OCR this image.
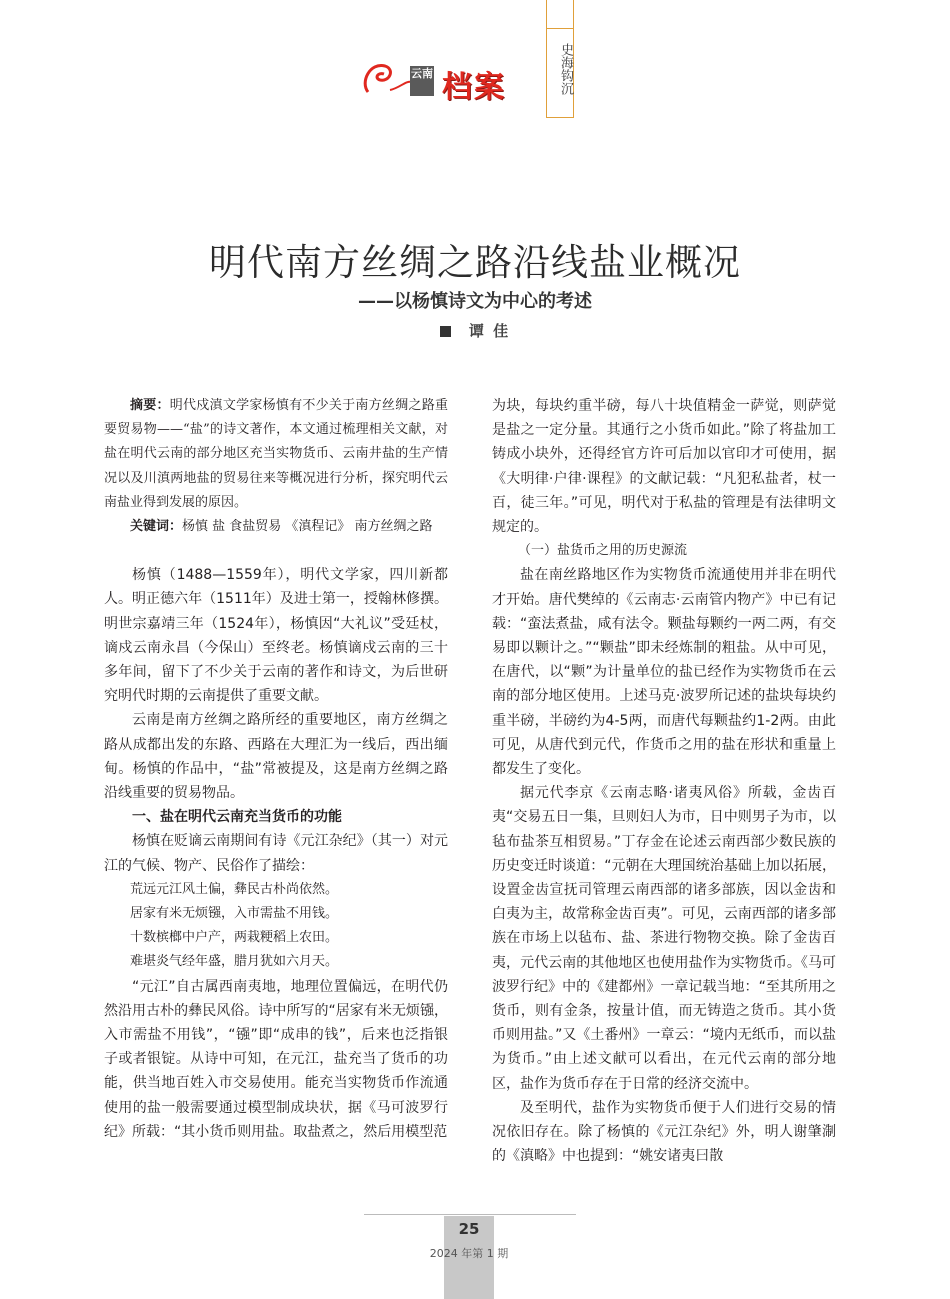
云南 档案	史海钩沉
明代南方丝绸之路沿线盐业概况
——以杨慎诗文为中心的考述
谭 佳

摘要：明代戍滇文学家杨慎有不少关于南方丝绸之路重要贸易物——“盐”的诗文著作，本文通过梳理相关文献，对盐在明代云南的部分地区充当实物货币、云南井盐的生产情况以及川滇两地盐的贸易往来等概况进行分析，探究明代云南盐业得到发展的原因。

关键词：杨慎 盐 食盐贸易 《滇程记》 南方丝绸之路

杨慎（1488—1559年），明代文学家，四川新都人。明正德六年（1511年）及进士第一，授翰林修撰。明世宗嘉靖三年（1524年），杨慎因“大礼议”受廷杖，谪戍云南永昌（今保山）至终老。杨慎谪戍云南的三十多年间，留下了不少关于云南的著作和诗文，为后世研究明代时期的云南提供了重要文献。

云南是南方丝绸之路所经的重要地区，南方丝绸之路从成都出发的东路、西路在大理汇为一线后，西出缅甸。杨慎的作品中，“盐”常被提及，这是南方丝绸之路沿线重要的贸易物品。

一、盐在明代云南充当货币的功能

杨慎在贬谪云南期间有诗《元江杂纪》（其一）对元江的气候、物产、民俗作了描绘：

荒远元江风土偏，彝民古朴尚依然。

居家有米无烦镪，入市需盐不用钱。

十数槟榔中户产，两栽粳稻上农田。

难堪炎气经年盛，腊月犹如六月天。

“元江”自古属西南夷地，地理位置偏远，在明代仍然沿用古朴的彝民风俗。诗中所写的“居家有米无烦镪，入市需盐不用钱”，“镪”即“成串的钱”，后来也泛指银子或者银锭。从诗中可知，在元江，盐充当了货币的功能，供当地百姓入市交易使用。能充当实物货币作流通使用的盐一般需要通过模型制成块状，据《马可波罗行纪》所载：“其小货币则用盐。取盐煮之，然后用模型范

为块，每块约重半磅，每八十块值精金一萨觉，则萨觉是盐之一定分量。其通行之小货币如此。”除了将盐加工铸成小块外，还得经官方许可后加以官印才可使用，据《大明律·户律·课程》的文献记载：“凡犯私盐者，杖一百，徒三年。”可见，明代对于私盐的管理是有法律明文规定的。

（一）盐货币之用的历史源流

盐在南丝路地区作为实物货币流通使用并非在明代才开始。唐代樊绰的《云南志·云南管内物产》中已有记载：“蛮法煮盐，咸有法令。颗盐每颗约一两二两，有交易即以颗计之。”“颗盐”即未经炼制的粗盐。从中可见，在唐代，以“颗”为计量单位的盐已经作为实物货币在云南的部分地区使用。上述马克·波罗所记述的盐块每块约重半磅，半磅约为4-5两，而唐代每颗盐约1-2两。由此可见，从唐代到元代，作货币之用的盐在形状和重量上都发生了变化。

据元代李京《云南志略·诸夷风俗》所载，金齿百夷“交易五日一集，旦则妇人为市，日中则男子为市，以毡布盐茶互相贸易。”丁存金在论述云南西部少数民族的历史变迁时谈道：“元朝在大理国统治基础上加以拓展，设置金齿宣抚司管理云南西部的诸多部族，因以金齿和白夷为主，故常称金齿百夷”。可见，云南西部的诸多部族在市场上以毡布、盐、茶进行物物交换。除了金齿百夷，元代云南的其他地区也使用盐作为实物货币。《马可波罗行纪》中的《建都州》一章记载当地：“至其所用之货币，则有金条，按量计值，而无铸造之货币。其小货币则用盐。”又《土番州》一章云：“境内无纸币，而以盐为货币。”由上述文献可以看出，在元代云南的部分地区，盐作为货币存在于日常的经济交流中。

及至明代，盐作为实物货币便于人们进行交易的情况依旧存在。除了杨慎的《元江杂纪》外，明人谢肇淛的《滇略》中也提到：“姚安诸夷曰散

25
2024 年第 1 期
